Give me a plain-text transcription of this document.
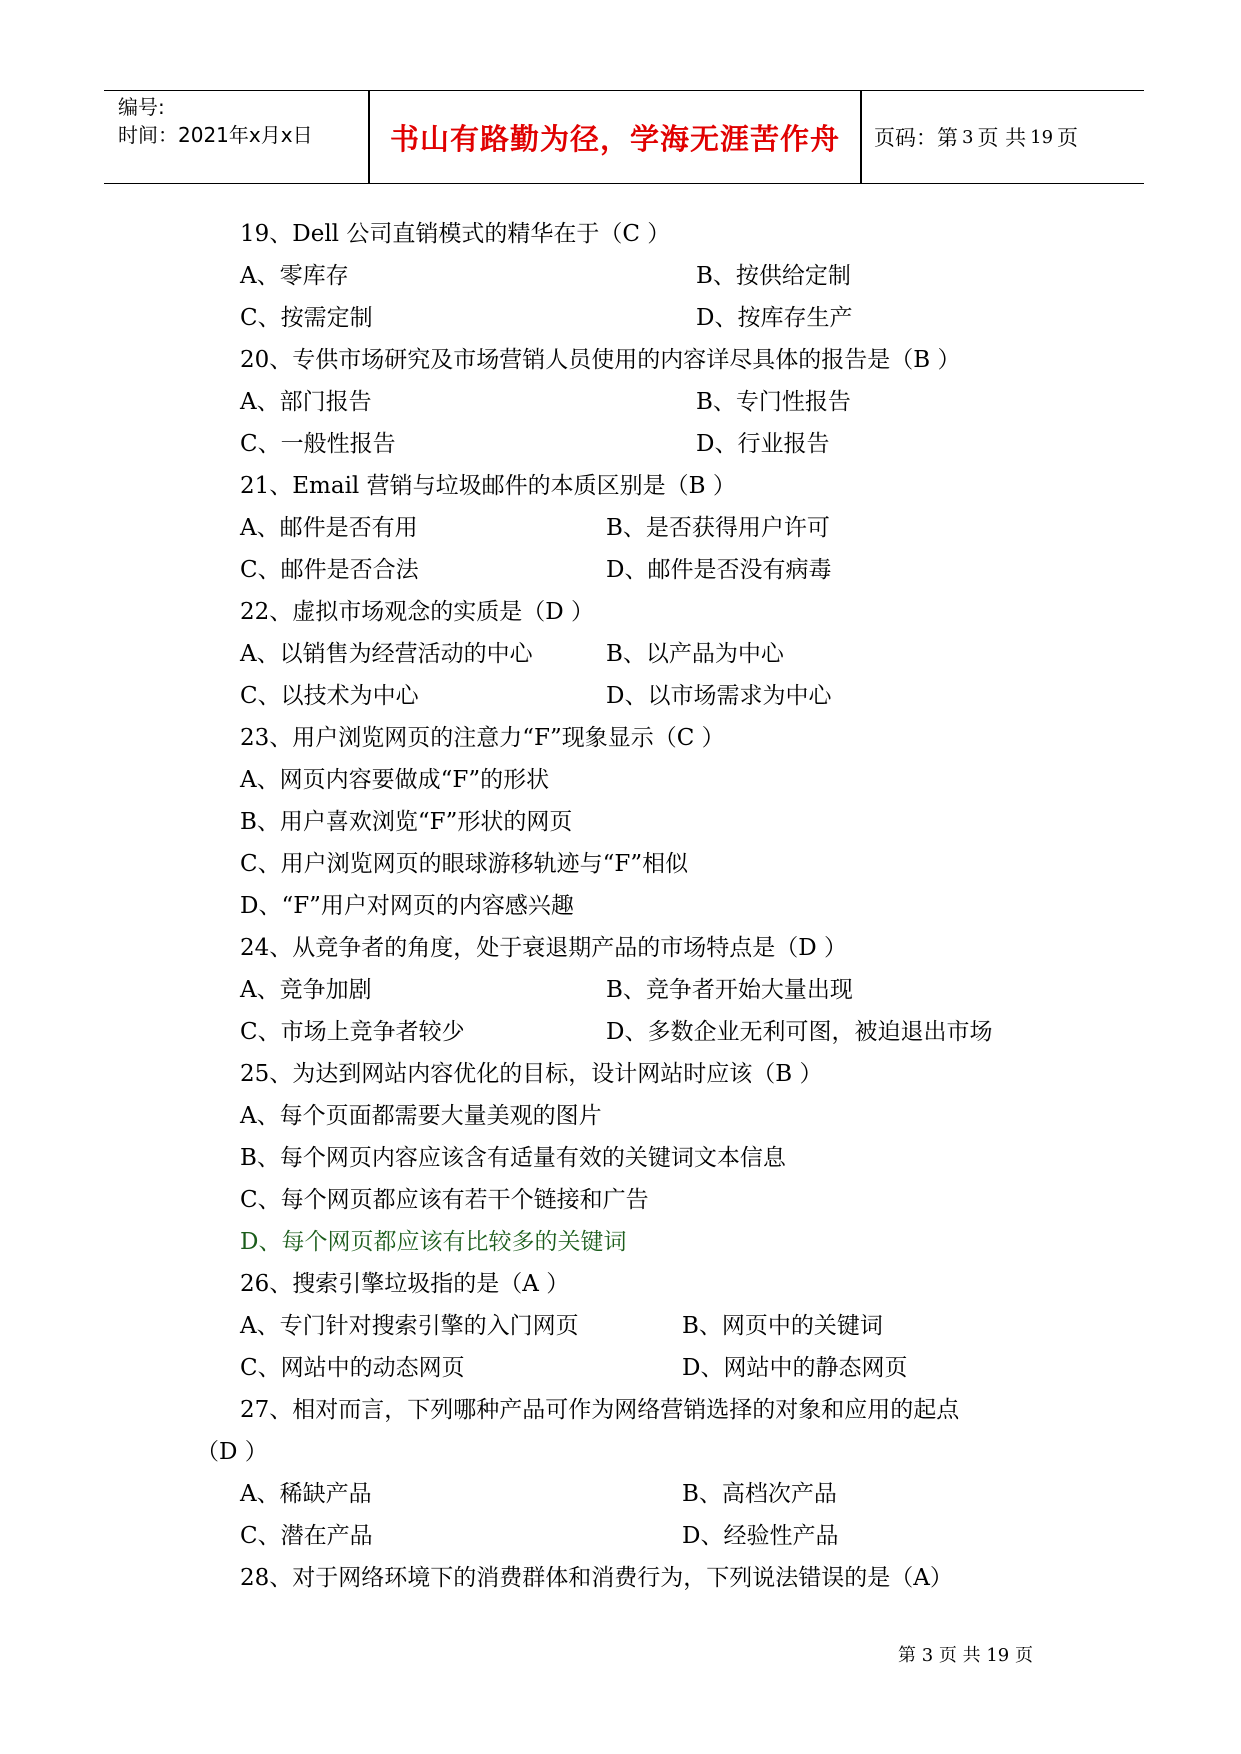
编号:
时间：2021年x月x日	书山有路勤为径，学海无涯苦作舟	页码：第 3 页 共 19 页
19、Dell 公司直销模式的精华在于（C ）
A、零库存	B、按供给定制
C、按需定制	D、按库存生产
20、专供市场研究及市场营销人员使用的内容详尽具体的报告是（B ）
A、部门报告	B、专门性报告
C、一般性报告	D、行业报告
21、Email 营销与垃圾邮件的本质区别是（B ）
A、邮件是否有用	B、是否获得用户许可
C、邮件是否合法	D、邮件是否没有病毒
22、虚拟市场观念的实质是（D ）
A、以销售为经营活动的中心	B、以产品为中心
C、以技术为中心	D、以市场需求为中心
23、用户浏览网页的注意力“F”现象显示（C ）
A、网页内容要做成“F”的形状
B、用户喜欢浏览“F”形状的网页
C、用户浏览网页的眼球游移轨迹与“F”相似
D、“F”用户对网页的内容感兴趣
24、从竞争者的角度，处于衰退期产品的市场特点是（D ）
A、竞争加剧	B、竞争者开始大量出现
C、市场上竞争者较少	D、多数企业无利可图，被迫退出市场
25、为达到网站内容优化的目标，设计网站时应该（B ）
A、每个页面都需要大量美观的图片
B、每个网页内容应该含有适量有效的关键词文本信息
C、每个网页都应该有若干个链接和广告
D、每个网页都应该有比较多的关键词
26、搜索引擎垃圾指的是（A ）
A、专门针对搜索引擎的入门网页	B、网页中的关键词
C、网站中的动态网页	D、网站中的静态网页
27、相对而言，下列哪种产品可作为网络营销选择的对象和应用的起点
（D ）
A、稀缺产品	B、高档次产品
C、潜在产品	D、经验性产品
28、对于网络环境下的消费群体和消费行为，下列说法错误的是（A）
第 3 页 共 19 页
